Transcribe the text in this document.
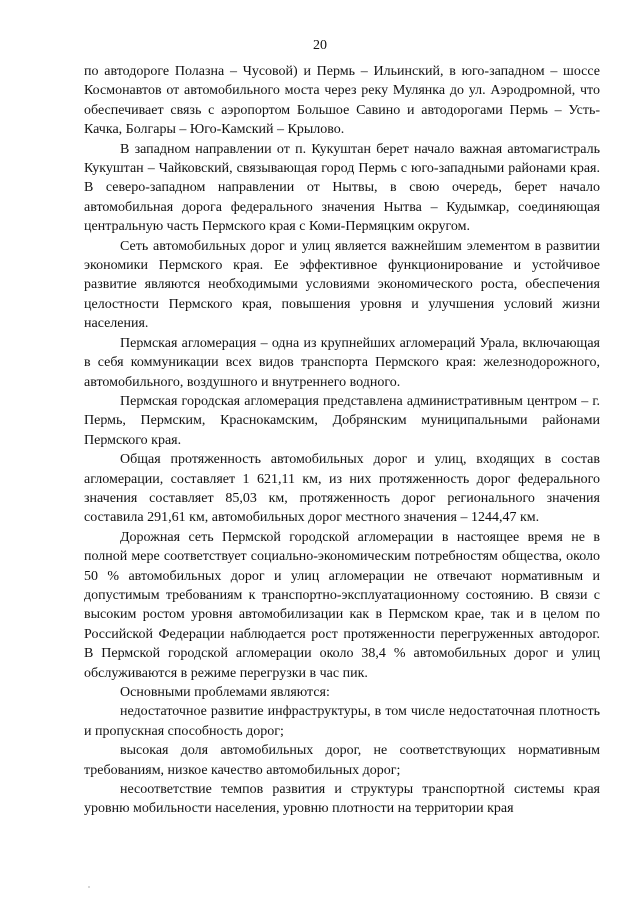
20

по автодороге Полазна – Чусовой) и Пермь – Ильинский, в юго-западном – шоссе Космонавтов от автомобильного моста через реку Мулянка до ул. Аэродромной, что обеспечивает связь с аэропортом Большое Савино и автодорогами Пермь – Усть-Качка, Болгары – Юго-Камский – Крылово.

В западном направлении от п. Кукуштан берет начало важная автомагистраль Кукуштан – Чайковский, связывающая город Пермь с юго-западными районами края. В северо-западном направлении от Нытвы, в свою очередь, берет начало автомобильная дорога федерального значения Нытва – Кудымкар, соединяющая центральную часть Пермского края с Коми-Пермяцким округом.

Сеть автомобильных дорог и улиц является важнейшим элементом в развитии экономики Пермского края. Ее эффективное функционирование и устойчивое развитие являются необходимыми условиями экономического роста, обеспечения целостности Пермского края, повышения уровня и улучшения условий жизни населения.

Пермская агломерация – одна из крупнейших агломераций Урала, включающая в себя коммуникации всех видов транспорта Пермского края: железнодорожного, автомобильного, воздушного и внутреннего водного.

Пермская городская агломерация представлена административным центром – г. Пермь, Пермским, Краснокамским, Добрянским муниципальными районами Пермского края.

Общая протяженность автомобильных дорог и улиц, входящих в состав агломерации, составляет 1 621,11 км, из них протяженность дорог федерального значения составляет 85,03 км, протяженность дорог регионального значения составила 291,61 км, автомобильных дорог местного значения – 1244,47 км.

Дорожная сеть Пермской городской агломерации в настоящее время не в полной мере соответствует социально-экономическим потребностям общества, около 50 % автомобильных дорог и улиц агломерации не отвечают нормативным и допустимым требованиям к транспортно-эксплуатационному состоянию. В связи с высоким ростом уровня автомобилизации как в Пермском крае, так и в целом по Российской Федерации наблюдается рост протяженности перегруженных автодорог. В Пермской городской агломерации около 38,4 % автомобильных дорог и улиц обслуживаются в режиме перегрузки в час пик.

Основными проблемами являются:

недостаточное развитие инфраструктуры, в том числе недостаточная плотность и пропускная способность дорог;

высокая доля автомобильных дорог, не соответствующих нормативным требованиям, низкое качество автомобильных дорог;

несоответствие темпов развития и структуры транспортной системы края уровню мобильности населения, уровню плотности на территории края
